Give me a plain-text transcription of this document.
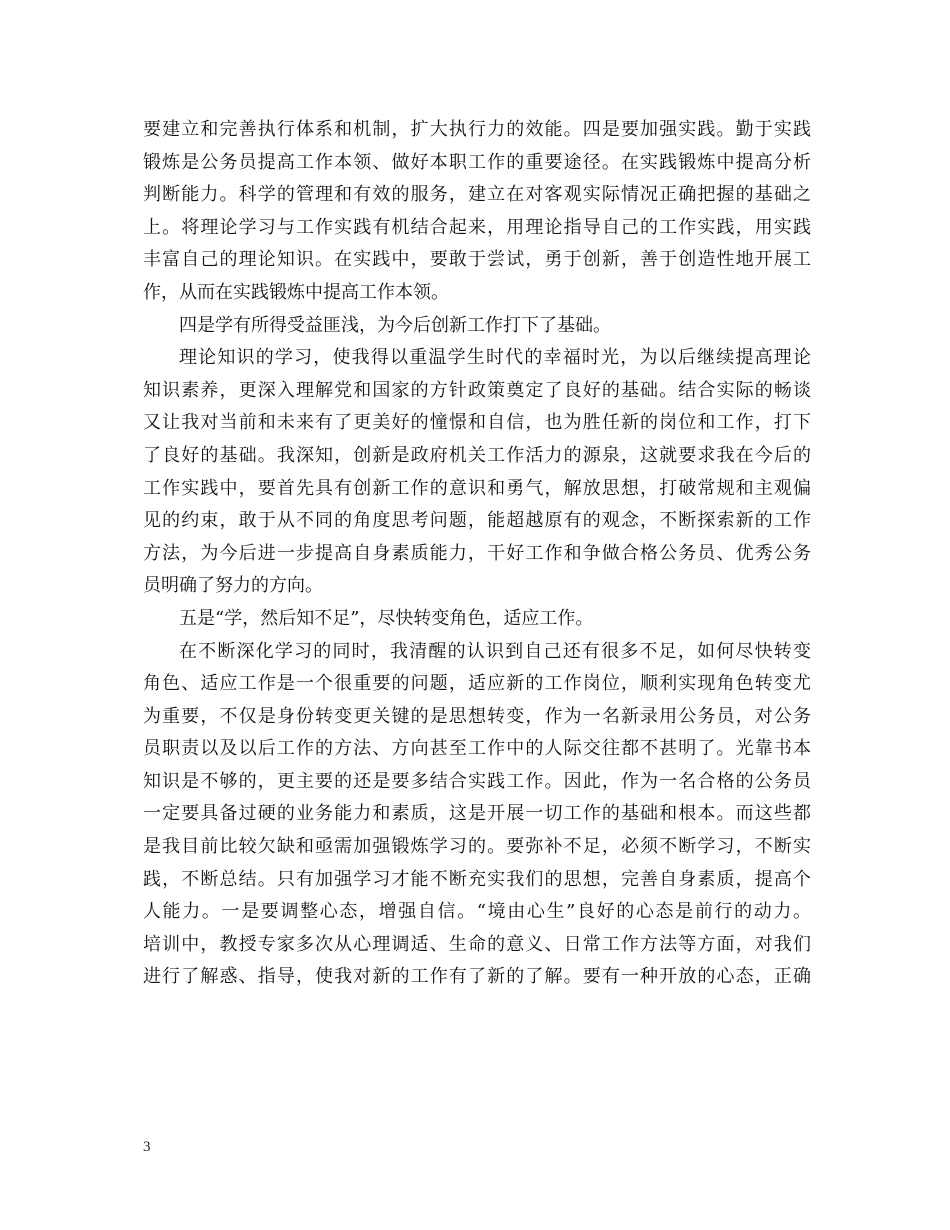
要建立和完善执行体系和机制，扩大执行力的效能。四是要加强实践。勤于实践
锻炼是公务员提高工作本领、做好本职工作的重要途径。在实践锻炼中提高分析
判断能力。科学的管理和有效的服务，建立在对客观实际情况正确把握的基础之
上。将理论学习与工作实践有机结合起来，用理论指导自己的工作实践，用实践
丰富自己的理论知识。在实践中，要敢于尝试，勇于创新，善于创造性地开展工
作，从而在实践锻炼中提高工作本领。
四是学有所得受益匪浅，为今后创新工作打下了基础。
理论知识的学习，使我得以重温学生时代的幸福时光，为以后继续提高理论
知识素养，更深入理解党和国家的方针政策奠定了良好的基础。结合实际的畅谈
又让我对当前和未来有了更美好的憧憬和自信，也为胜任新的岗位和工作，打下
了良好的基础。我深知，创新是政府机关工作活力的源泉，这就要求我在今后的
工作实践中，要首先具有创新工作的意识和勇气，解放思想，打破常规和主观偏
见的约束，敢于从不同的角度思考问题，能超越原有的观念，不断探索新的工作
方法，为今后进一步提高自身素质能力，干好工作和争做合格公务员、优秀公务
员明确了努力的方向。
五是“学，然后知不足”，尽快转变角色，适应工作。
在不断深化学习的同时，我清醒的认识到自己还有很多不足，如何尽快转变
角色、适应工作是一个很重要的问题，适应新的工作岗位，顺利实现角色转变尤
为重要，不仅是身份转变更关键的是思想转变，作为一名新录用公务员，对公务
员职责以及以后工作的方法、方向甚至工作中的人际交往都不甚明了。光靠书本
知识是不够的，更主要的还是要多结合实践工作。因此，作为一名合格的公务员
一定要具备过硬的业务能力和素质，这是开展一切工作的基础和根本。而这些都
是我目前比较欠缺和亟需加强锻炼学习的。要弥补不足，必须不断学习，不断实
践，不断总结。只有加强学习才能不断充实我们的思想，完善自身素质，提高个
人能力。一是要调整心态，增强自信。“境由心生”良好的心态是前行的动力。
培训中，教授专家多次从心理调适、生命的意义、日常工作方法等方面，对我们
进行了解惑、指导，使我对新的工作有了新的了解。要有一种开放的心态，正确
3
